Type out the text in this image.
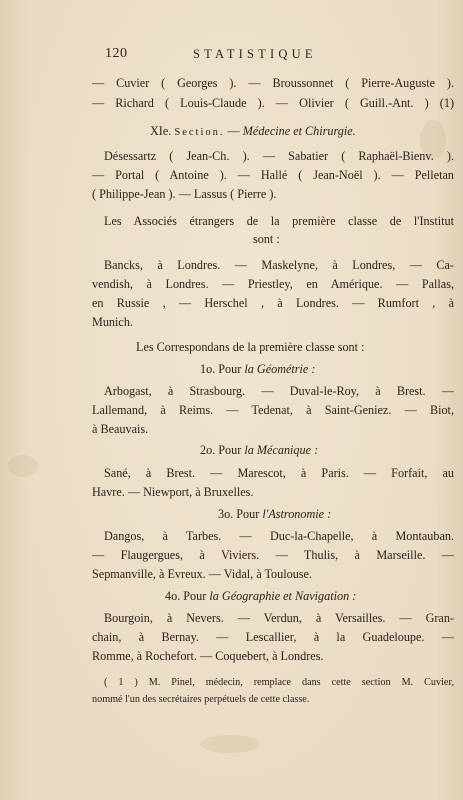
120	STATISTIQUE
— Cuvier ( Georges ). — Broussonnet ( Pierre-Auguste ).
— Richard ( Louis-Claude ). — Olivier ( Guill.-Ant. ) (1)
XIe. Section. — Médecine et Chirurgie.
Désessartz ( Jean-Ch. ). — Sabatier ( Raphaël-Bienv. ).
— Portal ( Antoine ). — Hallé ( Jean-Noël ). — Pelletan
( Philippe-Jean ). — Lassus ( Pierre ).
Les Associés étrangers de la première classe de l'Institut
sont :
Bancks, à Londres. — Maskelyne, à Londres, — Ca-
vendish, à Londres. — Priestley, en Amérique. — Pallas,
en Russie , — Herschel , à Londres. — Rumfort , à
Munich.
Les Correspondans de la première classe sont :
1o. Pour la Géométrie :
Arbogast, à Strasbourg. — Duval-le-Roy, à Brest. —
Lallemand, à Reims. — Tedenat, à Saint-Geniez. — Biot,
à Beauvais.
2o. Pour la Mécanique :
Sané, à Brest. — Marescot, à Paris. — Forfait, au
Havre. — Niewport, à Bruxelles.
3o. Pour l'Astronomie :
Dangos, à Tarbes. — Duc-la-Chapelle, à Montauban.
— Flaugergues, à Viviers. — Thulis, à Marseille. —
Sepmanville, à Evreux. — Vidal, à Toulouse.
4o. Pour la Géographie et Navigation :
Bourgoin, à Nevers. — Verdun, à Versailles. — Gran-
chain, à Bernay. — Lescallier, à la Guadeloupe. —
Romme, à Rochefort. — Coquebert, à Londres.
( 1 ) M. Pinel, médecin, remplace dans cette section M. Cuvier,
nommé l'un des secrétaires perpétuels de cette classe.
